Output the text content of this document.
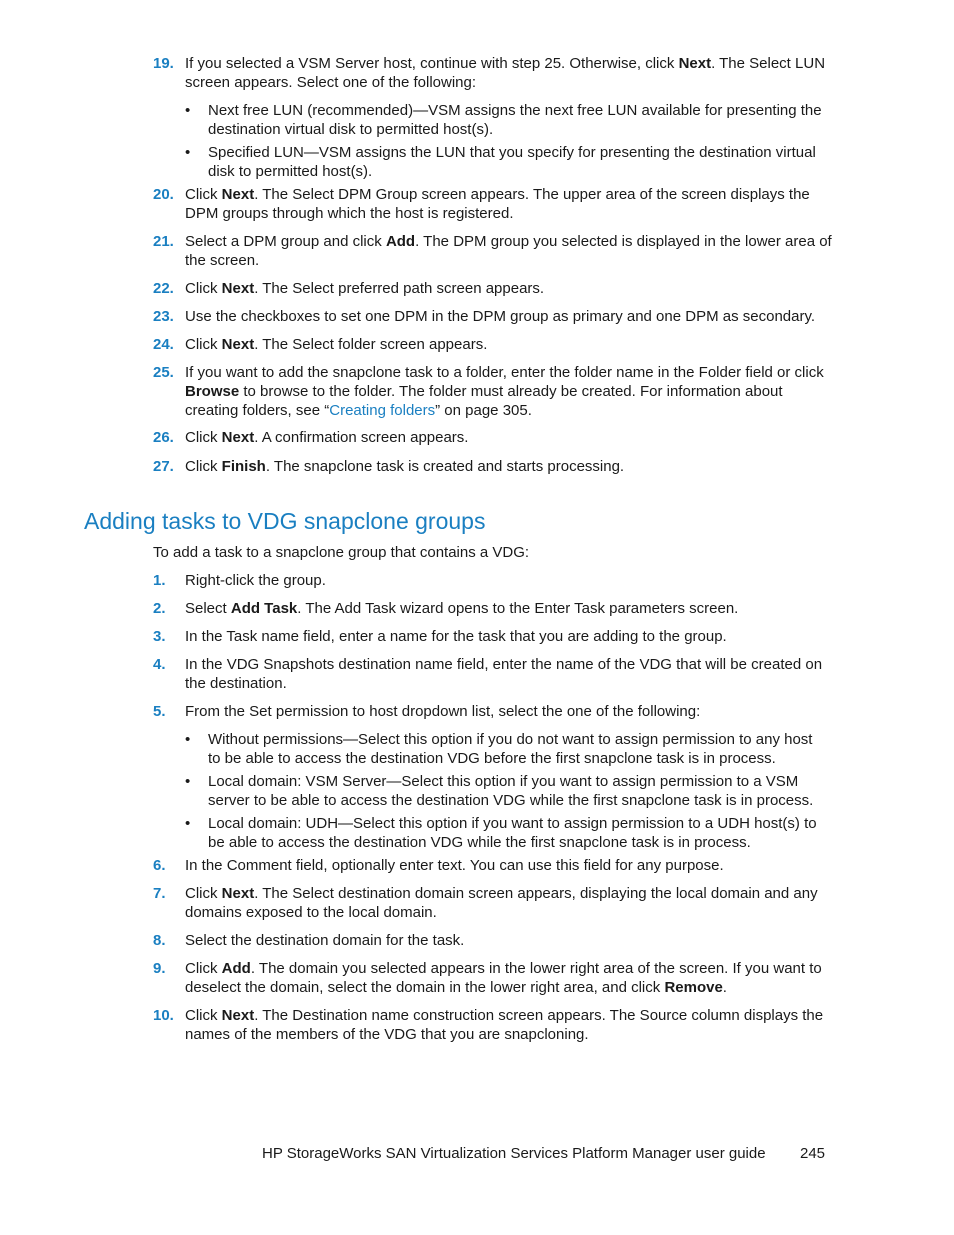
19. If you selected a VSM Server host, continue with step 25. Otherwise, click Next. The Select LUN screen appears. Select one of the following:
• Next free LUN (recommended)—VSM assigns the next free LUN available for presenting the destination virtual disk to permitted host(s).
• Specified LUN—VSM assigns the LUN that you specify for presenting the destination virtual disk to permitted host(s).
20. Click Next. The Select DPM Group screen appears. The upper area of the screen displays the DPM groups through which the host is registered.
21. Select a DPM group and click Add. The DPM group you selected is displayed in the lower area of the screen.
22. Click Next. The Select preferred path screen appears.
23. Use the checkboxes to set one DPM in the DPM group as primary and one DPM as secondary.
24. Click Next. The Select folder screen appears.
25. If you want to add the snapclone task to a folder, enter the folder name in the Folder field or click Browse to browse to the folder. The folder must already be created. For information about creating folders, see “Creating folders” on page 305.
26. Click Next. A confirmation screen appears.
27. Click Finish. The snapclone task is created and starts processing.
Adding tasks to VDG snapclone groups
To add a task to a snapclone group that contains a VDG:
1. Right-click the group.
2. Select Add Task. The Add Task wizard opens to the Enter Task parameters screen.
3. In the Task name field, enter a name for the task that you are adding to the group.
4. In the VDG Snapshots destination name field, enter the name of the VDG that will be created on the destination.
5. From the Set permission to host dropdown list, select the one of the following:
• Without permissions—Select this option if you do not want to assign permission to any host to be able to access the destination VDG before the first snapclone task is in process.
• Local domain: VSM Server—Select this option if you want to assign permission to a VSM server to be able to access the destination VDG while the first snapclone task is in process.
• Local domain: UDH—Select this option if you want to assign permission to a UDH host(s) to be able to access the destination VDG while the first snapclone task is in process.
6. In the Comment field, optionally enter text. You can use this field for any purpose.
7. Click Next. The Select destination domain screen appears, displaying the local domain and any domains exposed to the local domain.
8. Select the destination domain for the task.
9. Click Add. The domain you selected appears in the lower right area of the screen. If you want to deselect the domain, select the domain in the lower right area, and click Remove.
10. Click Next. The Destination name construction screen appears. The Source column displays the names of the members of the VDG that you are snapcloning.
HP StorageWorks SAN Virtualization Services Platform Manager user guide 245
